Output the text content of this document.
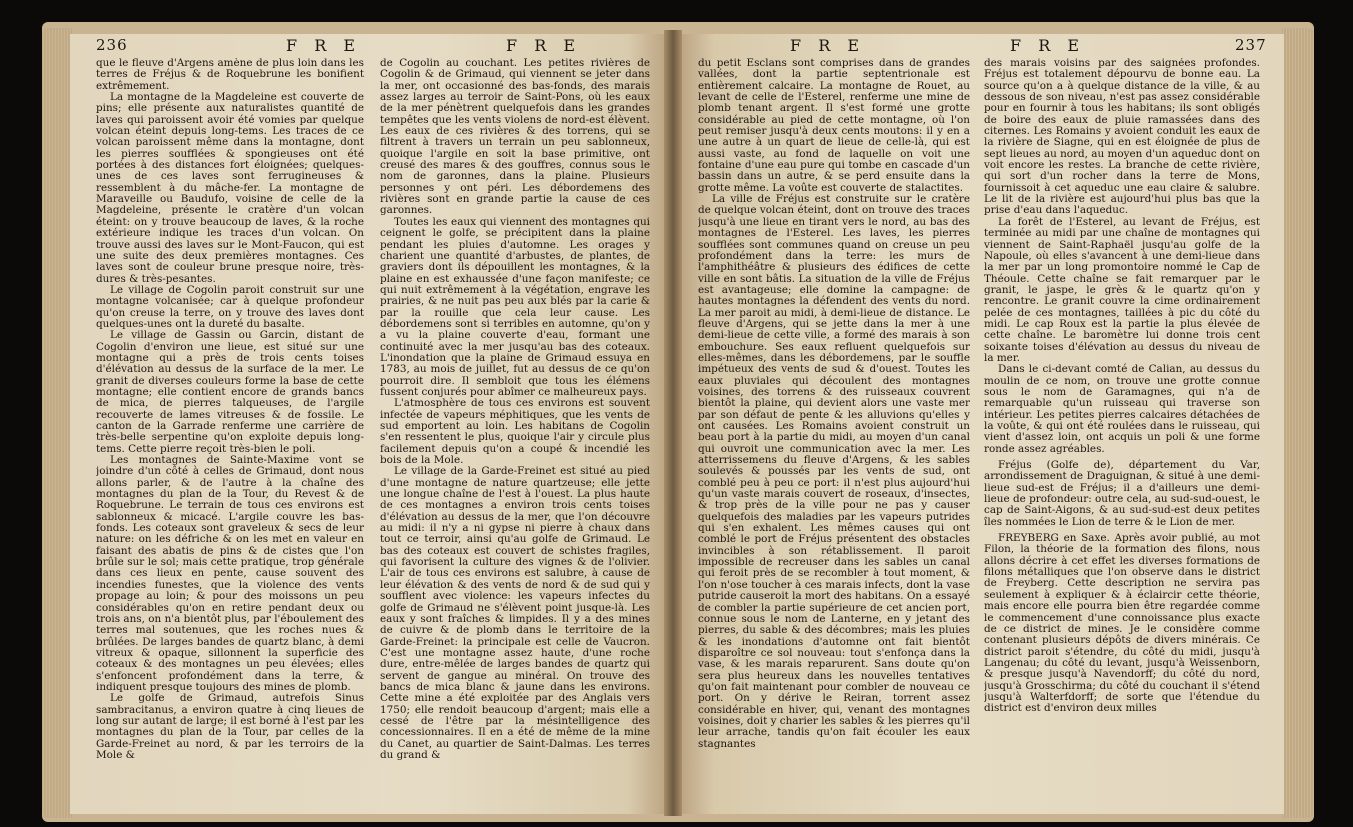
236	F R E	F R E	F R E	F R E	237

que le fleuve d'Argens amène de plus loin dans les terres de Fréjus & de Roquebrune les bonifient extrêmement.

La montagne de la Magdeleine est couverte de pins; elle présente aux naturalistes quantité de laves qui paroissent avoir été vomies par quelque volcan éteint depuis long-tems. Les traces de ce volcan paroissent même dans la montagne, dont les pierres soufflées & spongieuses ont été portées à des distances fort éloignées; quelques-unes de ces laves sont ferrugineuses & ressemblent à du mâche-fer. La montagne de Maraveille ou Baudufo, voisine de celle de la Magdeleine, présente le cratère d'un volcan éteint: on y trouve beaucoup de laves, & la roche extérieure indique les traces d'un volcan. On trouve aussi des laves sur le Mont-Faucon, qui est une suite des deux premières montagnes. Ces laves sont de couleur brune presque noire, très-dures & très-pesantes.

Le village de Cogolin paroit construit sur une montagne volcanisée; car à quelque profondeur qu'on creuse la terre, on y trouve des laves dont quelques-unes ont la dureté du basalte.

Le village de Gassin ou Garcin, distant de Cogolin d'environ une lieue, est situé sur une montagne qui a près de trois cents toises d'élévation au dessus de la surface de la mer. Le granit de diverses couleurs forme la base de cette montagne; elle contient encore de grands bancs de mica, de pierres talqueuses, de l'argile recouverte de lames vitreuses & de fossile. Le canton de la Garrade renferme une carrière de très-belle serpentine qu'on exploite depuis long-tems. Cette pierre reçoit très-bien le poli.

Les montagnes de Sainte-Maxime vont se joindre d'un côté à celles de Grimaud, dont nous allons parler, & de l'autre à la chaîne des montagnes du plan de la Tour, du Revest & de Roquebrune. Le terrain de tous ces environs est sablonneux & micacé. L'argile couvre les bas-fonds. Les coteaux sont graveleux & secs de leur nature: on les défriche & on les met en valeur en faisant des abatis de pins & de cistes que l'on brûle sur le sol; mais cette pratique, trop générale dans ces lieux en pente, cause souvent des incendies funestes, que la violence des vents propage au loin; & pour des moissons un peu considérables qu'on en retire pendant deux ou trois ans, on n'a bientôt plus, par l'éboulement des terres mal soutenues, que les roches nues & brûlées. De larges bandes de quartz blanc, à demi vitreux & opaque, sillonnent la superficie des coteaux & des montagnes un peu élevées; elles s'enfoncent profondément dans la terre, & indiquent presque toujours des mines de plomb.

Le golfe de Grimaud, autrefois Sinus sambracitanus, a environ quatre à cinq lieues de long sur autant de large; il est borné à l'est par les montagnes du plan de la Tour, par celles de la Garde-Freinet au nord, & par les terroirs de la Mole &

de Cogolin au couchant. Les petites rivières de Cogolin & de Grimaud, qui viennent se jeter dans la mer, ont occasionné des bas-fonds, des marais assez larges au terroir de Saint-Pons, où les eaux de la mer pénètrent quelquefois dans les grandes tempêtes que les vents violens de nord-est élèvent. Les eaux de ces rivières & des torrens, qui se filtrent à travers un terrain un peu sablonneux, quoique l'argile en soit la base primitive, ont creusé des mares & des gouffres, connus sous le nom de garonnes, dans la plaine. Plusieurs personnes y ont péri. Les débordemens des rivières sont en grande partie la cause de ces garonnes.

Toutes les eaux qui viennent des montagnes qui ceignent le golfe, se précipitent dans la plaine pendant les pluies d'automne. Les orages y charient une quantité d'arbustes, de plantes, de graviers dont ils dépouillent les montagnes, & la plaine en est exhaussée d'une façon manifeste; ce qui nuit extrêmement à la végétation, engrave les prairies, & ne nuit pas peu aux blés par la carie & par la rouille que cela leur cause. Les débordemens sont si terribles en automne, qu'on y a vu la plaine couverte d'eau, formant une continuité avec la mer jusqu'au bas des coteaux. L'inondation que la plaine de Grimaud essuya en 1783, au mois de juillet, fut au dessus de ce qu'on pourroit dire. Il sembloit que tous les élémens fussent conjurés pour abîmer ce malheureux pays.

L'atmosphère de tous ces environs est souvent infectée de vapeurs méphitiques, que les vents de sud emportent au loin. Les habitans de Cogolin s'en ressentent le plus, quoique l'air y circule plus facilement depuis qu'on a coupé & incendié les bois de la Mole.

Le village de la Garde-Freinet est situé au pied d'une montagne de nature quartzeuse; elle jette une longue chaîne de l'est à l'ouest. La plus haute de ces montagnes a environ trois cents toises d'élévation au dessus de la mer, que l'on découvre au midi: il n'y a ni gypse ni pierre à chaux dans tout ce terroir, ainsi qu'au golfe de Grimaud. Le bas des coteaux est couvert de schistes fragiles, qui favorisent la culture des vignes & de l'olivier. L'air de tous ces environs est salubre, à cause de leur élévation & des vents de nord & de sud qui y soufflent avec violence: les vapeurs infectes du golfe de Grimaud ne s'élèvent point jusque-là. Les eaux y sont fraîches & limpides. Il y a des mines de cuivre & de plomb dans le territoire de la Garde-Freinet: la principale est celle de Vaucron. C'est une montagne assez haute, d'une roche dure, entre-mêlée de larges bandes de quartz qui servent de gangue au minéral. On trouve des bancs de mica blanc & jaune dans les environs. Cette mine a été exploitée par des Anglais vers 1750; elle rendoit beaucoup d'argent; mais elle a cessé de l'être par la mésintelligence des concessionnaires. Il en a été de même de la mine du Canet, au quartier de Saint-Dalmas. Les terres du grand &

du petit Esclans sont comprises dans de grandes vallées, dont la partie septentrionale est entièrement calcaire. La montagne de Rouet, au levant de celle de l'Esterel, renferme une mine de plomb tenant argent. Il s'est formé une grotte considérable au pied de cette montagne, où l'on peut remiser jusqu'à deux cents moutons: il y en a une autre à un quart de lieue de celle-là, qui est aussi vaste, au fond de laquelle on voit une fontaine d'une eau pure qui tombe en cascade d'un bassin dans un autre, & se perd ensuite dans la grotte même. La voûte est couverte de stalactites.

La ville de Fréjus est construite sur le cratère de quelque volcan éteint, dont on trouve des traces jusqu'à une lieue en tirant vers le nord, au bas des montagnes de l'Esterel. Les laves, les pierres soufflées sont communes quand on creuse un peu profondément dans la terre: les murs de l'amphithéâtre & plusieurs des édifices de cette ville en sont bâtis. La situation de la ville de Fréjus est avantageuse; elle domine la campagne: de hautes montagnes la défendent des vents du nord. La mer paroit au midi, à demi-lieue de distance. Le fleuve d'Argens, qui se jette dans la mer à une demi-lieue de cette ville, a formé des marais à son embouchure. Ses eaux refluent quelquefois sur elles-mêmes, dans les débordemens, par le souffle impétueux des vents de sud & d'ouest. Toutes les eaux pluviales qui découlent des montagnes voisines, des torrens & des ruisseaux couvrent bientôt la plaine, qui devient alors une vaste mer par son défaut de pente & les alluvions qu'elles y ont causées. Les Romains avoient construit un beau port à la partie du midi, au moyen d'un canal qui ouvroit une communication avec la mer. Les atterrissemens du fleuve d'Argens, & les sables soulevés & poussés par les vents de sud, ont comblé peu à peu ce port: il n'est plus aujourd'hui qu'un vaste marais couvert de roseaux, d'insectes, & trop près de la ville pour ne pas y causer quelquefois des maladies par les vapeurs putrides qui s'en exhalent. Les mêmes causes qui ont comblé le port de Fréjus présentent des obstacles invincibles à son rétablissement. Il paroit impossible de recreuser dans les sables un canal qui feroit près de se recombler à tout moment, & l'on n'ose toucher à ces marais infects, dont la vase putride causeroit la mort des habitans. On a essayé de combler la partie supérieure de cet ancien port, connue sous le nom de Lanterne, en y jetant des pierres, du sable & des décombres; mais les pluies & les inondations d'automne ont fait bientôt disparoître ce sol nouveau: tout s'enfonça dans la vase, & les marais reparurent. Sans doute qu'on sera plus heureux dans les nouvelles tentatives qu'on fait maintenant pour combler de nouveau ce port. On y dérive le Reiran, torrent assez considérable en hiver, qui, venant des montagnes voisines, doit y charier les sables & les pierres qu'il leur arrache, tandis qu'on fait écouler les eaux stagnantes

des marais voisins par des saignées profondes. Fréjus est totalement dépourvu de bonne eau. La source qu'on a à quelque distance de la ville, & au dessous de son niveau, n'est pas assez considérable pour en fournir à tous les habitans; ils sont obligés de boire des eaux de pluie ramassées dans des citernes. Les Romains y avoient conduit les eaux de la rivière de Siagne, qui en est éloignée de plus de sept lieues au nord, au moyen d'un aqueduc dont on voit encore les restes. La branche de cette rivière, qui sort d'un rocher dans la terre de Mons, fournissoit à cet aqueduc une eau claire & salubre. Le lit de la rivière est aujourd'hui plus bas que la prise d'eau dans l'aqueduc.

La forêt de l'Esterel, au levant de Fréjus, est terminée au midi par une chaîne de montagnes qui viennent de Saint-Raphaël jusqu'au golfe de la Napoule, où elles s'avancent à une demi-lieue dans la mer par un long promontoire nommé le Cap de Théoule. Cette chaîne se fait remarquer par le granit, le jaspe, le grès & le quartz qu'on y rencontre. Le granit couvre la cime ordinairement pelée de ces montagnes, taillées à pic du côté du midi. Le cap Roux est la partie la plus élevée de cette chaîne. Le baromètre lui donne trois cent soixante toises d'élévation au dessus du niveau de la mer.

Dans le ci-devant comté de Calian, au dessus du moulin de ce nom, on trouve une grotte connue sous le nom de Garamagnes, qui n'a de remarquable qu'un ruisseau qui traverse son intérieur. Les petites pierres calcaires détachées de la voûte, & qui ont été roulées dans le ruisseau, qui vient d'assez loin, ont acquis un poli & une forme ronde assez agréables.

Fréjus (Golfe de), département du Var, arrondissement de Draguignan, & situé à une demi-lieue sud-est de Fréjus; il a d'ailleurs une demi-lieue de profondeur: outre cela, au sud-sud-ouest, le cap de Saint-Aigons, & au sud-sud-est deux petites îles nommées le Lion de terre & le Lion de mer.

FREYBERG en Saxe. Après avoir publié, au mot Filon, la théorie de la formation des filons, nous allons décrire à cet effet les diverses formations de filons métalliques que l'on observe dans le district de Freyberg. Cette description ne servira pas seulement à expliquer & à éclaircir cette théorie, mais encore elle pourra bien être regardée comme le commencement d'une connoissance plus exacte de ce district de mines. Je le considère comme contenant plusieurs dépôts de divers minérais. Ce district paroit s'étendre, du côté du midi, jusqu'à Langenau; du côté du levant, jusqu'à Weissenborn, & presque jusqu'à Navendorff; du côté du nord, jusqu'à Grosschirma; du côté du couchant il s'étend jusqu'à Walterfdorff; de sorte que l'étendue du district est d'environ deux milles
